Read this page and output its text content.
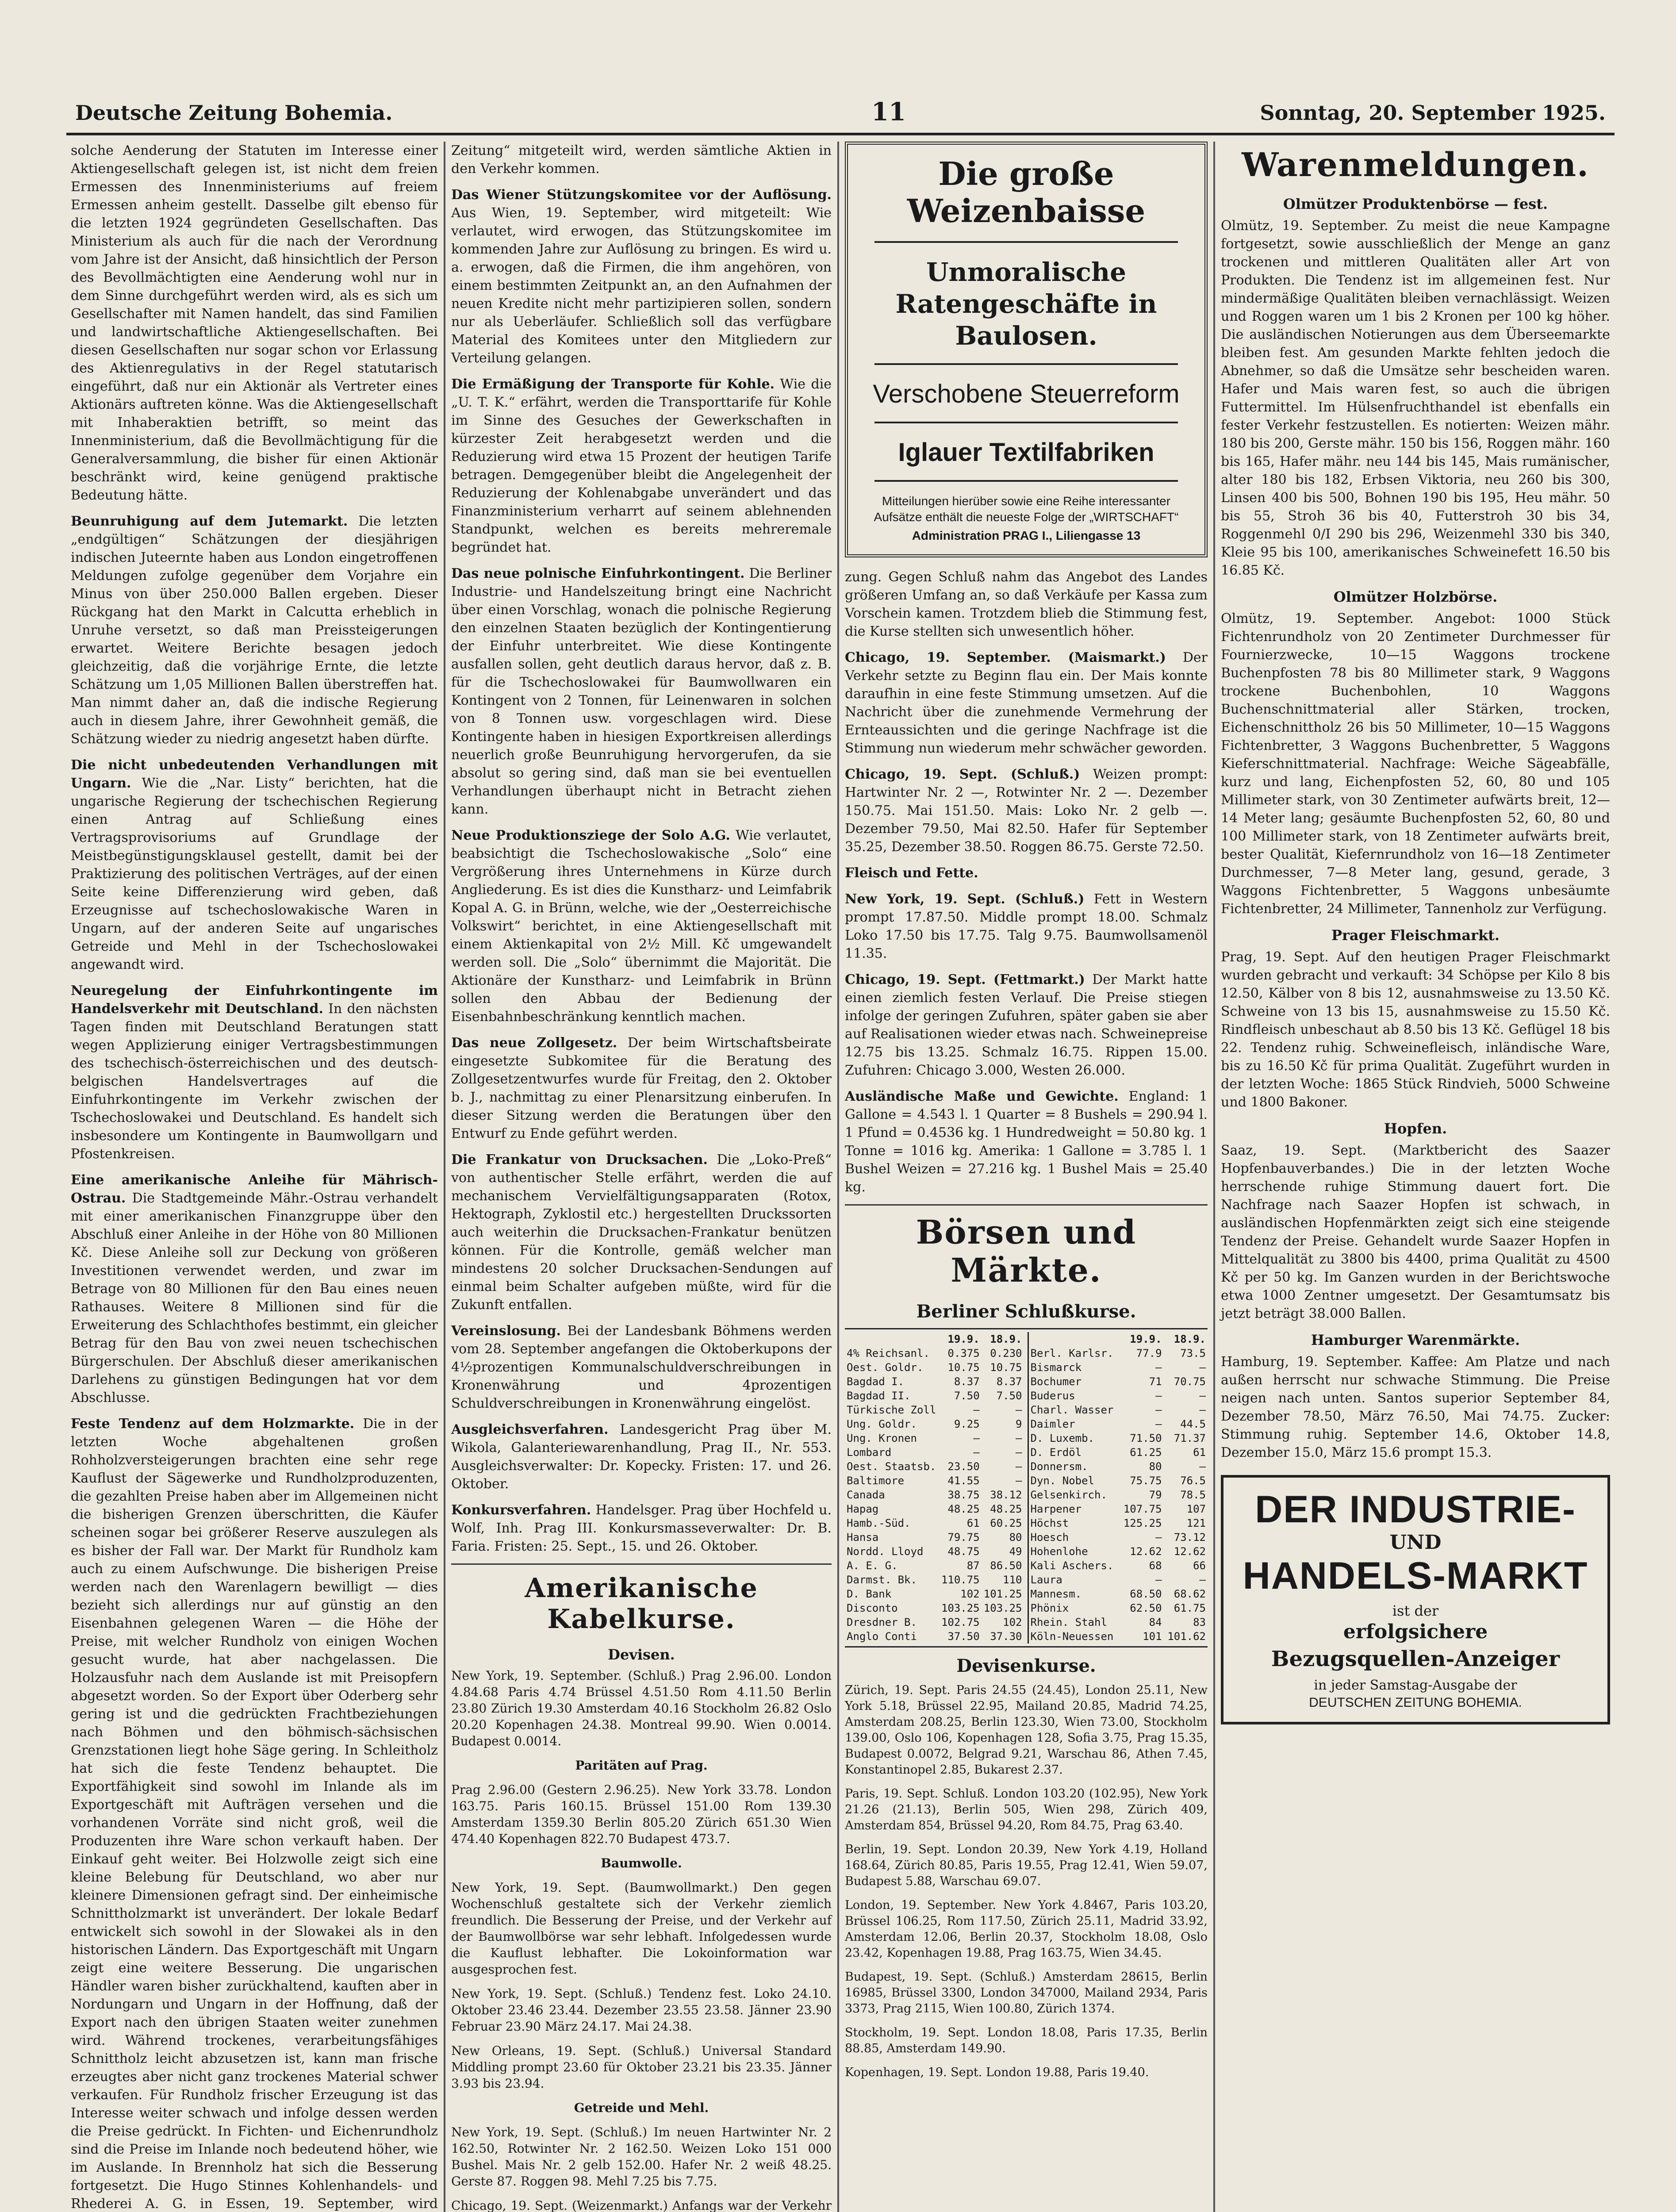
Deutsche Zeitung Bohemia.	11	Sonntag, 20. September 1925.

solche Aenderung der Statuten im Interesse einer Aktiengesellschaft gelegen ist, ist nicht dem freien Ermessen des Innenministeriums auf freiem Ermessen anheim gestellt. Dasselbe gilt ebenso für die letzten 1924 gegründeten Gesellschaften. Das Ministerium als auch für die nach der Verordnung vom Jahre ist der Ansicht, daß hinsichtlich der Person des Bevollmächtigten eine Aenderung wohl nur in dem Sinne durchgeführt werden wird, als es sich um Gesellschafter mit Namen handelt, das sind Familien und landwirtschaftliche Aktiengesellschaften. Bei diesen Gesellschaften nur sogar schon vor Erlassung des Aktienregulativs in der Regel statutarisch eingeführt, daß nur ein Aktionär als Vertreter eines Aktionärs auftreten könne. Was die Aktiengesellschaft mit Inhaberaktien betrifft, so meint das Innenministerium, daß die Bevollmächtigung für die Generalversammlung, die bisher für einen Aktionär beschränkt wird, keine genügend praktische Bedeutung hätte.

Beunruhigung auf dem Jutemarkt. Die letzten „endgültigen“ Schätzungen der diesjährigen indischen Juteernte haben aus London eingetroffenen Meldungen zufolge gegenüber dem Vorjahre ein Minus von über 250.000 Ballen ergeben. Dieser Rückgang hat den Markt in Calcutta erheblich in Unruhe versetzt, so daß man Preissteigerungen erwartet. Weitere Berichte besagen jedoch gleichzeitig, daß die vorjährige Ernte, die letzte Schätzung um 1,05 Millionen Ballen überstreffen hat. Man nimmt daher an, daß die indische Regierung auch in diesem Jahre, ihrer Gewohnheit gemäß, die Schätzung wieder zu niedrig angesetzt haben dürfte.

Die nicht unbedeutenden Verhandlungen mit Ungarn. Wie die „Nar. Listy“ berichten, hat die ungarische Regierung der tschechischen Regierung einen Antrag auf Schließung eines Vertragsprovisoriums auf Grundlage der Meistbegünstigungsklausel gestellt, damit bei der Praktizierung des politischen Verträges, auf der einen Seite keine Differenzierung wird geben, daß Erzeugnisse auf tschechoslowakische Waren in Ungarn, auf der anderen Seite auf ungarisches Getreide und Mehl in der Tschechoslowakei angewandt wird.

Neuregelung der Einfuhrkontingente im Handelsverkehr mit Deutschland. In den nächsten Tagen finden mit Deutschland Beratungen statt wegen Applizierung einiger Vertragsbestimmungen des tschechisch-österreichischen und des deutsch-belgischen Handelsvertrages auf die Einfuhrkontingente im Verkehr zwischen der Tschechoslowakei und Deutschland. Es handelt sich insbesondere um Kontingente in Baumwollgarn und Pfostenkreisen.

Eine amerikanische Anleihe für Mährisch-Ostrau. Die Stadtgemeinde Mähr.-Ostrau verhandelt mit einer amerikanischen Finanzgruppe über den Abschluß einer Anleihe in der Höhe von 80 Millionen Kč. Diese Anleihe soll zur Deckung von größeren Investitionen verwendet werden, und zwar im Betrage von 80 Millionen für den Bau eines neuen Rathauses. Weitere 8 Millionen sind für die Erweiterung des Schlachthofes bestimmt, ein gleicher Betrag für den Bau von zwei neuen tschechischen Bürgerschulen. Der Abschluß dieser amerikanischen Darlehens zu günstigen Bedingungen hat vor dem Abschlusse.

Feste Tendenz auf dem Holzmarkte. Die in der letzten Woche abgehaltenen großen Rohholzversteigerungen brachten eine sehr rege Kauflust der Sägewerke und Rundholzproduzenten, die gezahlten Preise haben aber im Allgemeinen nicht die bisherigen Grenzen überschritten, die Käufer scheinen sogar bei größerer Reserve auszulegen als es bisher der Fall war. Der Markt für Rundholz kam auch zu einem Aufschwunge. Die bisherigen Preise werden nach den Warenlagern bewilligt — dies bezieht sich allerdings nur auf günstig an den Eisenbahnen gelegenen Waren — die Höhe der Preise, mit welcher Rundholz von einigen Wochen gesucht wurde, hat aber nachgelassen. Die Holzausfuhr nach dem Auslande ist mit Preisopfern abgesetzt worden. So der Export über Oderberg sehr gering ist und die gedrückten Frachtbeziehungen nach Böhmen und den böhmisch-sächsischen Grenzstationen liegt hohe Säge gering. In Schleitholz hat sich die feste Tendenz behauptet. Die Exportfähigkeit sind sowohl im Inlande als im Exportgeschäft mit Aufträgen versehen und die vorhandenen Vorräte sind nicht groß, weil die Produzenten ihre Ware schon verkauft haben. Der Einkauf geht weiter. Bei Holzwolle zeigt sich eine kleine Belebung für Deutschland, wo aber nur kleinere Dimensionen gefragt sind. Der einheimische Schnittholzmarkt ist unverändert. Der lokale Bedarf entwickelt sich sowohl in der Slowakei als in den historischen Ländern. Das Exportgeschäft mit Ungarn zeigt eine weitere Besserung. Die ungarischen Händler waren bisher zurückhaltend, kauften aber in Nordungarn und Ungarn in der Hoffnung, daß der Export nach den übrigen Staaten weiter zunehmen wird. Während trockenes, verarbeitungsfähiges Schnittholz leicht abzusetzen ist, kann man frische erzeugtes aber nicht ganz trockenes Material schwer verkaufen. Für Rundholz frischer Erzeugung ist das Interesse weiter schwach und infolge dessen werden die Preise gedrückt. In Fichten- und Eichenrundholz sind die Preise im Inlande noch bedeutend höher, wie im Auslande. In Brennholz hat sich die Besserung fortgesetzt. Die Hugo Stinnes Kohlenhandels- und Rhederei A. G. in Essen, 19. September, wird

Zeitung“ mitgeteilt wird, werden sämtliche Aktien in den Verkehr kommen.

Das Wiener Stützungskomitee vor der Auflösung. Aus Wien, 19. September, wird mitgeteilt: Wie verlautet, wird erwogen, das Stützungskomitee im kommenden Jahre zur Auflösung zu bringen. Es wird u. a. erwogen, daß die Firmen, die ihm angehören, von einem bestimmten Zeitpunkt an, an den Aufnahmen der neuen Kredite nicht mehr partizipieren sollen, sondern nur als Ueberläufer. Schließlich soll das verfügbare Material des Komitees unter den Mitgliedern zur Verteilung gelangen.

Die Ermäßigung der Transporte für Kohle. Wie die „U. T. K.“ erfährt, werden die Transporttarife für Kohle im Sinne des Gesuches der Gewerkschaften in kürzester Zeit herabgesetzt werden und die Reduzierung wird etwa 15 Prozent der heutigen Tarife betragen. Demgegenüber bleibt die Angelegenheit der Reduzierung der Kohlenabgabe unverändert und das Finanzministerium verharrt auf seinem ablehnenden Standpunkt, welchen es bereits mehreremale begründet hat.

Das neue polnische Einfuhrkontingent. Die Berliner Industrie- und Handelszeitung bringt eine Nachricht über einen Vorschlag, wonach die polnische Regierung den einzelnen Staaten bezüglich der Kontingentierung der Einfuhr unterbreitet. Wie diese Kontingente ausfallen sollen, geht deutlich daraus hervor, daß z. B. für die Tschechoslowakei für Baumwollwaren ein Kontingent von 2 Tonnen, für Leinenwaren in solchen von 8 Tonnen usw. vorgeschlagen wird. Diese Kontingente haben in hiesigen Exportkreisen allerdings neuerlich große Beunruhigung hervorgerufen, da sie absolut so gering sind, daß man sie bei eventuellen Verhandlungen überhaupt nicht in Betracht ziehen kann.

Neue Produktionsziege der Solo A.G. Wie verlautet, beabsichtigt die Tschechoslowakische „Solo“ eine Vergrößerung ihres Unternehmens in Kürze durch Angliederung. Es ist dies die Kunstharz- und Leimfabrik Kopal A. G. in Brünn, welche, wie der „Oesterreichische Volkswirt“ berichtet, in eine Aktiengesellschaft mit einem Aktienkapital von 2½ Mill. Kč umgewandelt werden soll. Die „Solo“ übernimmt die Majorität. Die Aktionäre der Kunstharz- und Leimfabrik in Brünn sollen den Abbau der Bedienung der Eisenbahnbeschränkung kenntlich machen.

Das neue Zollgesetz. Der beim Wirtschaftsbeirate eingesetzte Subkomitee für die Beratung des Zollgesetzentwurfes wurde für Freitag, den 2. Oktober b. J., nachmittag zu einer Plenarsitzung einberufen. In dieser Sitzung werden die Beratungen über den Entwurf zu Ende geführt werden.

Die Frankatur von Drucksachen. Die „Loko-Preß“ von authentischer Stelle erfährt, werden die auf mechanischem Vervielfältigungsapparaten (Rotox, Hektograph, Zyklostil etc.) hergestellten Druckssorten auch weiterhin die Drucksachen-Frankatur benützen können. Für die Kontrolle, gemäß welcher man mindestens 20 solcher Drucksachen-Sendungen auf einmal beim Schalter aufgeben müßte, wird für die Zukunft entfallen.

Vereinslosung. Bei der Landesbank Böhmens werden vom 28. September angefangen die Oktoberkupons der 4½prozentigen Kommunalschuldverschreibungen in Kronenwährung und 4prozentigen Schuldverschreibungen in Kronenwährung eingelöst.

Ausgleichsverfahren. Landesgericht Prag über M. Wikola, Galanteriewarenhandlung, Prag II., Nr. 553. Ausgleichsverwalter: Dr. Kopecky. Fristen: 17. und 26. Oktober.

Konkursverfahren. Handelsger. Prag über Hochfeld u. Wolf, Inh. Prag III. Konkursmasseverwalter: Dr. B. Faria. Fristen: 25. Sept., 15. und 26. Oktober.

Amerikanische Kabelkurse.
Devisen.

New York, 19. September. (Schluß.) Prag 2.96.00. London 4.84.68 Paris 4.74 Brüssel 4.51.50 Rom 4.11.50 Berlin 23.80 Zürich 19.30 Amsterdam 40.16 Stockholm 26.82 Oslo 20.20 Kopenhagen 24.38. Montreal 99.90. Wien 0.0014. Budapest 0.0014.

Paritäten auf Prag.

Prag 2.96.00 (Gestern 2.96.25). New York 33.78. London 163.75. Paris 160.15. Brüssel 151.00 Rom 139.30 Amsterdam 1359.30 Berlin 805.20 Zürich 651.30 Wien 474.40 Kopenhagen 822.70 Budapest 473.7.

Baumwolle.

New York, 19. Sept. (Baumwollmarkt.) Den gegen Wochenschluß gestaltete sich der Verkehr ziemlich freundlich. Die Besserung der Preise, und der Verkehr auf der Baumwollbörse war sehr lebhaft. Infolgedessen wurde die Kauflust lebhafter. Die Lokoinformation war ausgesprochen fest.

New York, 19. Sept. (Schluß.) Tendenz fest. Loko 24.10. Oktober 23.46 23.44. Dezember 23.55 23.58. Jänner 23.90 Februar 23.90 März 24.17. Mai 24.38.

New Orleans, 19. Sept. (Schluß.) Universal Standard Middling prompt 23.60 für Oktober 23.21 bis 23.35. Jänner 3.93 bis 23.94.

Getreide und Mehl.

New York, 19. Sept. (Schluß.) Im neuen Hartwinter Nr. 2 162.50, Rotwinter Nr. 2 162.50. Weizen Loko 151 000 Bushel. Mais Nr. 2 gelb 152.00. Hafer Nr. 2 weiß 48.25. Gerste 87. Roggen 98. Mehl 7.25 bis 7.75.

Chicago, 19. Sept. (Weizenmarkt.) Anfangs war der Verkehr

Die große Weizenbaisse
Unmoralische Ratengeschäfte in Baulosen.
Verschobene Steuerreform
Iglauer Textilfabriken
Mitteilungen hierüber sowie eine Reihe interessanter Aufsätze enthält die neueste Folge der „WIRTSCHAFT“
Administration PRAG I., Liliengasse 13

zung. Gegen Schluß nahm das Angebot des Landes größeren Umfang an, so daß Verkäufe per Kassa zum Vorschein kamen. Trotzdem blieb die Stimmung fest, die Kurse stellten sich unwesentlich höher.

Chicago, 19. September. (Maismarkt.) Der Verkehr setzte zu Beginn flau ein. Der Mais konnte daraufhin in eine feste Stimmung umsetzen. Auf die Nachricht über die zunehmende Vermehrung der Ernteaussichten und die geringe Nachfrage ist die Stimmung nun wiederum mehr schwächer geworden.

Chicago, 19. Sept. (Schluß.) Weizen prompt: Hartwinter Nr. 2 —, Rotwinter Nr. 2 —. Dezember 150.75. Mai 151.50. Mais: Loko Nr. 2 gelb —. Dezember 79.50, Mai 82.50. Hafer für September 35.25, Dezember 38.50. Roggen 86.75. Gerste 72.50.

Fleisch und Fette.

New York, 19. Sept. (Schluß.) Fett in Western prompt 17.87.50. Middle prompt 18.00. Schmalz Loko 17.50 bis 17.75. Talg 9.75. Baumwollsamenöl 11.35.

Chicago, 19. Sept. (Fettmarkt.) Der Markt hatte einen ziemlich festen Verlauf. Die Preise stiegen infolge der geringen Zufuhren, später gaben sie aber auf Realisationen wieder etwas nach. Schweinepreise 12.75 bis 13.25. Schmalz 16.75. Rippen 15.00. Zufuhren: Chicago 3.000, Westen 26.000.

Ausländische Maße und Gewichte. England: 1 Gallone = 4.543 l. 1 Quarter = 8 Bushels = 290.94 l. 1 Pfund = 0.4536 kg. 1 Hundredweight = 50.80 kg. 1 Tonne = 1016 kg. Amerika: 1 Gallone = 3.785 l. 1 Bushel Weizen = 27.216 kg. 1 Bushel Mais = 25.40 kg.

Börsen und Märkte.
Berliner Schlußkurse.
	19.9.	18.9.
4% Reichsanl.	0.375	0.230
Oest. Goldr.	10.75	10.75
Bagdad I.	8.37	8.37
Bagdad II.	7.50	7.50
Türkische Zoll	—	—
Ung. Goldr.	9.25	9
Ung. Kronen	—	—
Lombard	—	—
Oest. Staatsb.	23.50	—
Baltimore	41.55	—
Canada	38.75	38.12
Hapag	48.25	48.25
Hamb.-Süd.	61	60.25
Hansa	79.75	80
Nordd. Lloyd	48.75	49
A. E. G.	87	86.50
Darmst. Bk.	110.75	110
D. Bank	102	101.25
Disconto	103.25	103.25
Dresdner B.	102.75	102
Anglo Conti	37.50	37.30
	19.9.	18.9.
Berl. Karlsr.	77.9	73.5
Bismarck	—	—
Bochumer	71	70.75
Buderus	—	—
Charl. Wasser	—	—
Daimler	—	44.5
D. Luxemb.	71.50	71.37
D. Erdöl	61.25	61
Donnersm.	80	—
Dyn. Nobel	75.75	76.5
Gelsenkirch.	79	78.5
Harpener	107.75	107
Höchst	125.25	121
Hoesch	—	73.12
Hohenlohe	12.62	12.62
Kali Aschers.	68	66
Laura	—	—
Mannesm.	68.50	68.62
Phönix	62.50	61.75
Rhein. Stahl	84	83
Köln-Neuessen	101	101.62
Devisenkurse.

Zürich, 19. Sept. Paris 24.55 (24.45), London 25.11, New York 5.18, Brüssel 22.95, Mailand 20.85, Madrid 74.25, Amsterdam 208.25, Berlin 123.30, Wien 73.00, Stockholm 139.00, Oslo 106, Kopenhagen 128, Sofia 3.75, Prag 15.35, Budapest 0.0072, Belgrad 9.21, Warschau 86, Athen 7.45, Konstantinopel 2.85, Bukarest 2.37.

Paris, 19. Sept. Schluß. London 103.20 (102.95), New York 21.26 (21.13), Berlin 505, Wien 298, Zürich 409, Amsterdam 854, Brüssel 94.20, Rom 84.75, Prag 63.40.

Berlin, 19. Sept. London 20.39, New York 4.19, Holland 168.64, Zürich 80.85, Paris 19.55, Prag 12.41, Wien 59.07, Budapest 5.88, Warschau 69.07.

London, 19. September. New York 4.8467, Paris 103.20, Brüssel 106.25, Rom 117.50, Zürich 25.11, Madrid 33.92, Amsterdam 12.06, Berlin 20.37, Stockholm 18.08, Oslo 23.42, Kopenhagen 19.88, Prag 163.75, Wien 34.45.

Budapest, 19. Sept. (Schluß.) Amsterdam 28615, Berlin 16985, Brüssel 3300, London 347000, Mailand 2934, Paris 3373, Prag 2115, Wien 100.80, Zürich 1374.

Stockholm, 19. Sept. London 18.08, Paris 17.35, Berlin 88.85, Amsterdam 149.90.

Kopenhagen, 19. Sept. London 19.88, Paris 19.40.

Warenmeldungen.
Olmützer Produktenbörse — fest.

Olmütz, 19. September. Zu meist die neue Kampagne fortgesetzt, sowie ausschließlich der Menge an ganz trockenen und mittleren Qualitäten aller Art von Produkten. Die Tendenz ist im allgemeinen fest. Nur mindermäßige Qualitäten bleiben vernachlässigt. Weizen und Roggen waren um 1 bis 2 Kronen per 100 kg höher. Die ausländischen Notierungen aus dem Überseemarkte bleiben fest. Am gesunden Markte fehlten jedoch die Abnehmer, so daß die Umsätze sehr bescheiden waren. Hafer und Mais waren fest, so auch die übrigen Futtermittel. Im Hülsenfruchthandel ist ebenfalls ein fester Verkehr festzustellen. Es notierten: Weizen mähr. 180 bis 200, Gerste mähr. 150 bis 156, Roggen mähr. 160 bis 165, Hafer mähr. neu 144 bis 145, Mais rumänischer, alter 180 bis 182, Erbsen Viktoria, neu 260 bis 300, Linsen 400 bis 500, Bohnen 190 bis 195, Heu mähr. 50 bis 55, Stroh 36 bis 40, Futterstroh 30 bis 34, Roggenmehl 0/I 290 bis 296, Weizenmehl 330 bis 340, Kleie 95 bis 100, amerikanisches Schweinefett 16.50 bis 16.85 Kč.

Olmützer Holzbörse.

Olmütz, 19. September. Angebot: 1000 Stück Fichtenrundholz von 20 Zentimeter Durchmesser für Fournierzwecke, 10—15 Waggons trockene Buchenpfosten 78 bis 80 Millimeter stark, 9 Waggons trockene Buchenbohlen, 10 Waggons Buchenschnittmaterial aller Stärken, trocken, Eichenschnittholz 26 bis 50 Millimeter, 10—15 Waggons Fichtenbretter, 3 Waggons Buchenbretter, 5 Waggons Kieferschnittmaterial. Nachfrage: Weiche Sägeabfälle, kurz und lang, Eichenpfosten 52, 60, 80 und 105 Millimeter stark, von 30 Zentimeter aufwärts breit, 12—14 Meter lang; gesäumte Buchenpfosten 52, 60, 80 und 100 Millimeter stark, von 18 Zentimeter aufwärts breit, bester Qualität, Kiefernrundholz von 16—18 Zentimeter Durchmesser, 7—8 Meter lang, gesund, gerade, 3 Waggons Fichtenbretter, 5 Waggons unbesäumte Fichtenbretter, 24 Millimeter, Tannenholz zur Verfügung.

Prager Fleischmarkt.

Prag, 19. Sept. Auf den heutigen Prager Fleischmarkt wurden gebracht und verkauft: 34 Schöpse per Kilo 8 bis 12.50, Kälber von 8 bis 12, ausnahmsweise zu 13.50 Kč. Schweine von 13 bis 15, ausnahmsweise zu 15.50 Kč. Rindfleisch unbeschaut ab 8.50 bis 13 Kč. Geflügel 18 bis 22. Tendenz ruhig. Schweinefleisch, inländische Ware, bis zu 16.50 Kč für prima Qualität. Zugeführt wurden in der letzten Woche: 1865 Stück Rindvieh, 5000 Schweine und 1800 Bakoner.

Hopfen.

Saaz, 19. Sept. (Marktbericht des Saazer Hopfenbauverbandes.) Die in der letzten Woche herrschende ruhige Stimmung dauert fort. Die Nachfrage nach Saazer Hopfen ist schwach, in ausländischen Hopfenmärkten zeigt sich eine steigende Tendenz der Preise. Gehandelt wurde Saazer Hopfen in Mittelqualität zu 3800 bis 4400, prima Qualität zu 4500 Kč per 50 kg. Im Ganzen wurden in der Berichtswoche etwa 1000 Zentner umgesetzt. Der Gesamtumsatz bis jetzt beträgt 38.000 Ballen.

Hamburger Warenmärkte.

Hamburg, 19. September. Kaffee: Am Platze und nach außen herrscht nur schwache Stimmung. Die Preise neigen nach unten. Santos superior September 84, Dezember 78.50, März 76.50, Mai 74.75. Zucker: Stimmung ruhig. September 14.6, Oktober 14.8, Dezember 15.0, März 15.6 prompt 15.3.

DER INDUSTRIE-
UND
HANDELS-MARKT
ist der
erfolgsichere
Bezugsquellen-Anzeiger
in jeder Samstag-Ausgabe der
DEUTSCHEN ZEITUNG BOHEMIA.
